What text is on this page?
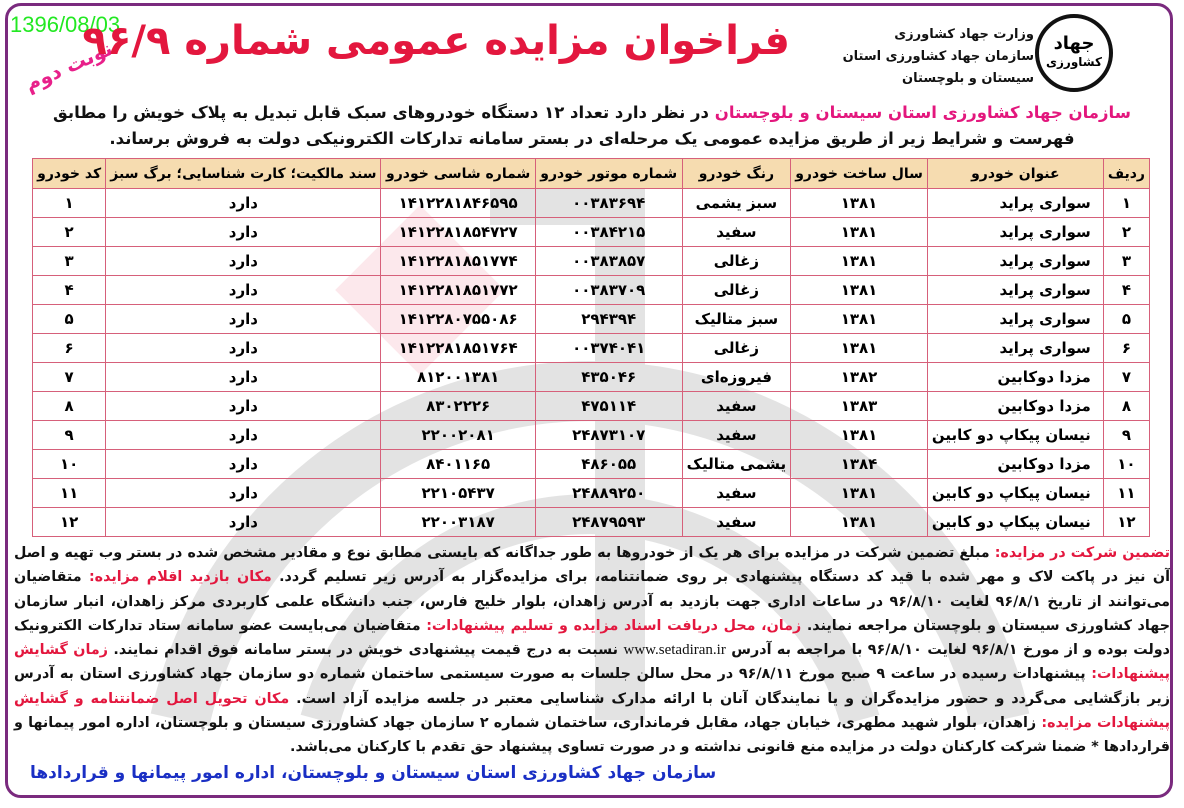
1396/08/03
نوبت دوم
فراخوان مزایده عمومی شماره ۹۶/۹	وزارت جهاد کشاورزی
سازمان جهاد کشاورزی استان
سیستان و بلوچستان
جهاد
کشاورزی
سازمان جهاد کشاورزی استان سیستان و بلوچستان در نظر دارد تعداد ۱۲ دستگاه خودروهای سبک قابل تبدیل به پلاک خویش را مطابق فهرست و شرایط زیر از طریق مزایده عمومی یک مرحله‌ای در بستر سامانه تدارکات الکترونیکی دولت به فروش برساند.
ردیف	عنوان خودرو	سال ساخت خودرو	رنگ خودرو	شماره موتور خودرو	شماره شاسی خودرو	سند مالکیت؛ کارت شناسایی؛ برگ سبز	کد خودرو
۱	سواری پراید	۱۳۸۱	سبز یشمی	۰۰۳۸۳۶۹۴	۱۴۱۲۲۸۱۸۴۶۵۹۵	دارد	۱
۲	سواری پراید	۱۳۸۱	سفید	۰۰۳۸۴۲۱۵	۱۴۱۲۲۸۱۸۵۴۷۲۷	دارد	۲
۳	سواری پراید	۱۳۸۱	زغالی	۰۰۳۸۳۸۵۷	۱۴۱۲۲۸۱۸۵۱۷۷۴	دارد	۳
۴	سواری پراید	۱۳۸۱	زغالی	۰۰۳۸۳۷۰۹	۱۴۱۲۲۸۱۸۵۱۷۷۲	دارد	۴
۵	سواری پراید	۱۳۸۱	سبز متالیک	۲۹۴۳۹۴	۱۴۱۲۲۸۰۷۵۵۰۸۶	دارد	۵
۶	سواری پراید	۱۳۸۱	زغالی	۰۰۳۷۴۰۴۱	۱۴۱۲۲۸۱۸۵۱۷۶۴	دارد	۶
۷	مزدا دوکابین	۱۳۸۲	فیروزه‌ای	۴۳۵۰۴۶	۸۱۲۰۰۱۳۸۱	دارد	۷
۸	مزدا دوکابین	۱۳۸۳	سفید	۴۷۵۱۱۴	۸۳۰۲۲۲۶	دارد	۸
۹	نیسان پیکاپ دو کابین	۱۳۸۱	سفید	۲۴۸۷۳۱۰۷	۲۲۰۰۲۰۸۱	دارد	۹
۱۰	مزدا دوکابین	۱۳۸۴	یشمی متالیک	۴۸۶۰۵۵	۸۴۰۱۱۶۵	دارد	۱۰
۱۱	نیسان پیکاپ دو کابین	۱۳۸۱	سفید	۲۴۸۸۹۲۵۰	۲۲۱۰۵۴۳۷	دارد	۱۱
۱۲	نیسان پیکاپ دو کابین	۱۳۸۱	سفید	۲۴۸۷۹۵۹۳	۲۲۰۰۳۱۸۷	دارد	۱۲
تضمین شرکت در مزایده: مبلغ تضمین شرکت در مزایده برای هر یک از خودروها به طور جداگانه که بایستی مطابق نوع و مقادیر مشخص شده در بستر وب تهیه و اصل آن نیز در پاکت لاک و مهر شده با قید کد دستگاه پیشنهادی بر روی ضمانتنامه، برای مزایده‌گزار به آدرس زیر تسلیم گردد. مکان بازدید اقلام مزایده: متقاضیان می‌توانند از تاریخ ۹۶/۸/۱ لغایت ۹۶/۸/۱۰ در ساعات اداری جهت بازدید به آدرس زاهدان، بلوار خلیج فارس، جنب دانشگاه علمی کاربردی مرکز زاهدان، انبار سازمان جهاد کشاورزی سیستان و بلوچستان مراجعه نمایند. زمان، محل دریافت اسناد مزایده و تسلیم پیشنهادات: متقاضیان می‌بایست عضو سامانه ستاد تدارکات الکترونیک دولت بوده و از مورخ ۹۶/۸/۱ لغایت ۹۶/۸/۱۰ با مراجعه به آدرس www.setadiran.ir نسبت به درج قیمت پیشنهادی خویش در بستر سامانه فوق اقدام نمایند. زمان گشایش پیشنهادات: پیشنهادات رسیده در ساعت ۹ صبح مورخ ۹۶/۸/۱۱ در محل سالن جلسات به صورت سیستمی ساختمان شماره دو سازمان جهاد کشاورزی استان به آدرس زیر بازگشایی می‌گردد و حضور مزایده‌گران و یا نمایندگان آنان با ارائه مدارک شناسایی معتبر در جلسه مزایده آزاد است. مکان تحویل اصل ضمانتنامه و گشایش پیشنهادات مزایده: زاهدان، بلوار شهید مطهری، خیابان جهاد، مقابل فرمانداری، ساختمان شماره ۲ سازمان جهاد کشاورزی سیستان و بلوچستان، اداره امور پیمانها و قراردادها * ضمنا شرکت کارکنان دولت در مزایده منع قانونی نداشته و در صورت تساوی پیشنهاد حق تقدم با کارکنان می‌باشد.
سازمان جهاد کشاورزی استان سیستان و بلوچستان، اداره امور پیمانها و قراردادها
